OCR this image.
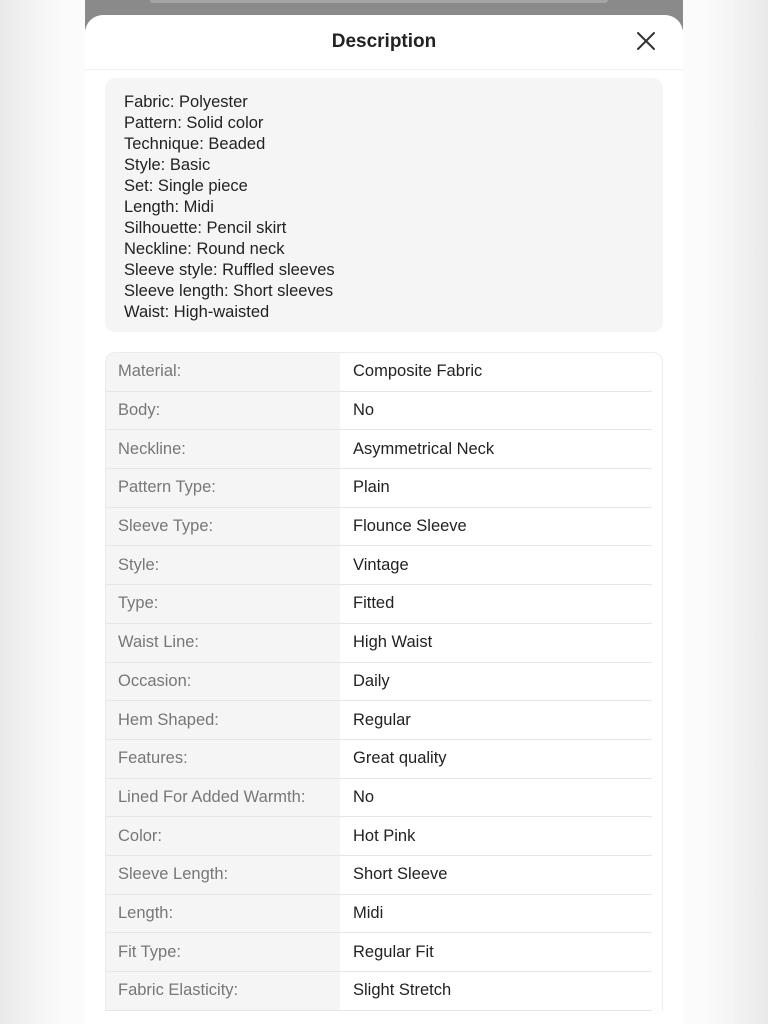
Description
Fabric: Polyester
Pattern: Solid color
Technique: Beaded
Style: Basic
Set: Single piece
Length: Midi
Silhouette: Pencil skirt
Neckline: Round neck
Sleeve style: Ruffled sleeves
Sleeve length: Short sleeves
Waist: High-waisted
Material:	Composite Fabric
Body:	No
Neckline:	Asymmetrical Neck
Pattern Type:	Plain
Sleeve Type:	Flounce Sleeve
Style:	Vintage
Type:	Fitted
Waist Line:	High Waist
Occasion:	Daily
Hem Shaped:	Regular
Features:	Great quality
Lined For Added Warmth:	No
Color:	Hot Pink
Sleeve Length:	Short Sleeve
Length:	Midi
Fit Type:	Regular Fit
Fabric Elasticity:	Slight Stretch
